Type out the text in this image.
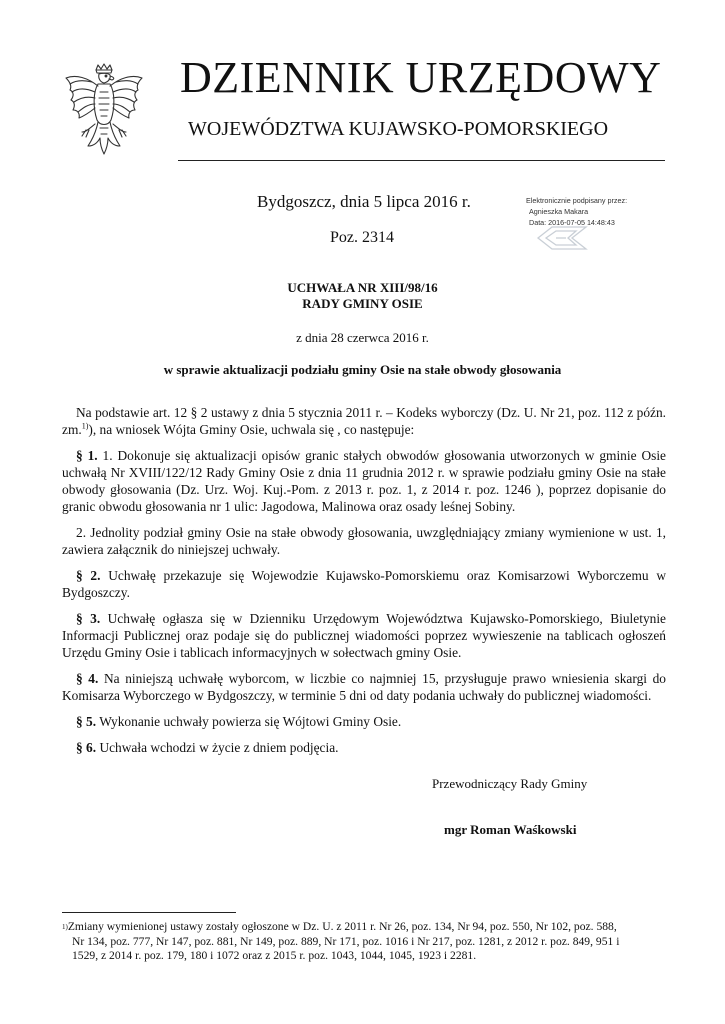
DZIENNIK URZĘDOWY
WOJEWÓDZTWA KUJAWSKO-POMORSKIEGO
Bydgoszcz, dnia 5 lipca 2016 r.
Poz. 2314
Elektronicznie podpisany przez:
Agnieszka Makara
Data: 2016-07-05 14:48:43
UCHWAŁA NR XIII/98/16
RADY GMINY OSIE
z dnia 28 czerwca 2016 r.
w sprawie aktualizacji podziału gminy Osie na stałe obwody głosowania

Na podstawie art. 12 § 2 ustawy z dnia 5 stycznia 2011 r. – Kodeks wyborczy (Dz. U. Nr 21, poz. 112 z późn. zm.$^{1)}$), na wniosek Wójta Gminy Osie, uchwala się , co następuje:

§ 1. 1. Dokonuje się aktualizacji opisów granic stałych obwodów głosowania utworzonych w gminie Osie uchwałą Nr XVIII/122/12 Rady Gminy Osie z dnia 11 grudnia 2012 r. w sprawie podziału gminy Osie na stałe obwody głosowania (Dz. Urz. Woj. Kuj.-Pom. z 2013 r. poz. 1, z 2014 r. poz. 1246 ), poprzez dopisanie do granic obwodu głosowania nr 1 ulic: Jagodowa, Malinowa oraz osady leśnej Sobiny.

2. Jednolity podział gminy Osie na stałe obwody głosowania, uwzględniający zmiany wymienione w ust. 1, zawiera załącznik do niniejszej uchwały.

§ 2. Uchwałę przekazuje się Wojewodzie Kujawsko-Pomorskiemu oraz Komisarzowi Wyborczemu w Bydgoszczy.

§ 3. Uchwałę ogłasza się w Dzienniku Urzędowym Województwa Kujawsko-Pomorskiego, Biuletynie Informacji Publicznej oraz podaje się do publicznej wiadomości poprzez wywieszenie na tablicach ogłoszeń Urzędu Gminy Osie i tablicach informacyjnych w sołectwach gminy Osie.

§ 4. Na niniejszą uchwałę wyborcom, w liczbie co najmniej 15, przysługuje prawo wniesienia skargi do Komisarza Wyborczego w Bydgoszczy, w terminie 5 dni od daty podania uchwały do publicznej wiadomości.

§ 5. Wykonanie uchwały powierza się Wójtowi Gminy Osie.

§ 6. Uchwała wchodzi w życie z dniem podjęcia.

Przewodniczący Rady Gminy
mgr Roman Waśkowski
$^{1)}$Zmiany wymienionej ustawy zostały ogłoszone w Dz. U. z 2011 r. Nr 26, poz. 134, Nr 94, poz. 550, Nr 102, poz. 588,
Nr 134, poz. 777, Nr 147, poz. 881, Nr 149, poz. 889, Nr 171, poz. 1016 i Nr 217, poz. 1281, z 2012 r. poz. 849, 951 i
1529, z 2014 r. poz. 179, 180 i 1072 oraz z 2015 r. poz. 1043, 1044, 1045, 1923 i 2281.
